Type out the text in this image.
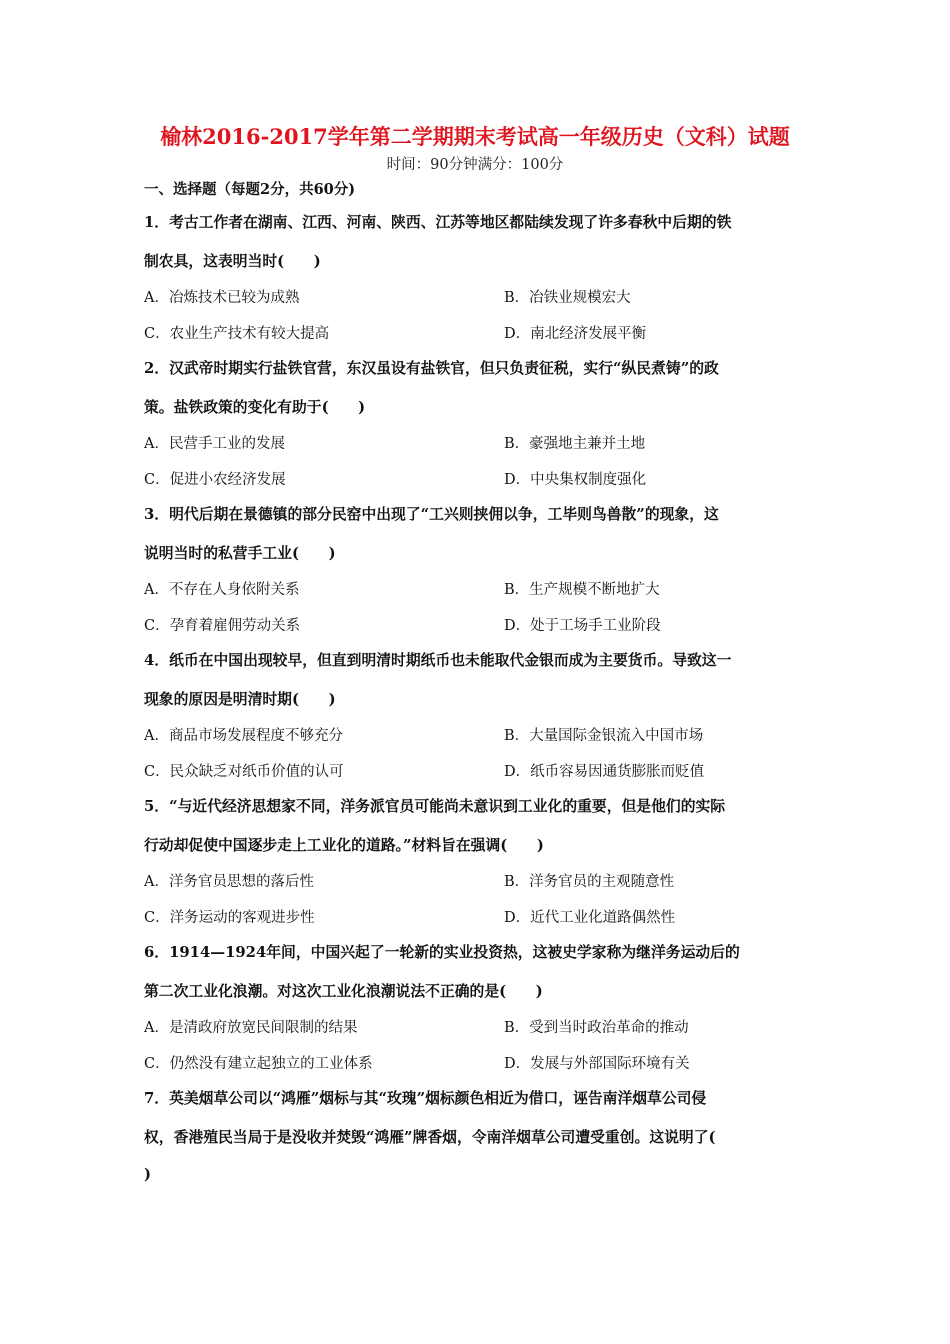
榆林2016-2017学年第二学期期末考试高一年级历史（文科）试题
时间：90分钟满分：100分
一、选择题（每题2分，共60分)
1．考古工作者在湖南、江西、河南、陕西、江苏等地区都陆续发现了许多春秋中后期的铁
制农具，这表明当时(　　)
A．冶炼技术已较为成熟	B．冶铁业规模宏大
C．农业生产技术有较大提高	D．南北经济发展平衡
2．汉武帝时期实行盐铁官营，东汉虽设有盐铁官，但只负责征税，实行“纵民煮铸”的政
策。盐铁政策的变化有助于(　　)
A．民营手工业的发展	B．豪强地主兼并土地
C．促进小农经济发展	D．中央集权制度强化
3．明代后期在景德镇的部分民窑中出现了“工兴则挟佣以争，工毕则鸟兽散”的现象，这
说明当时的私营手工业(　　)
A．不存在人身依附关系	B．生产规模不断地扩大
C．孕育着雇佣劳动关系	D．处于工场手工业阶段
4．纸币在中国出现较早，但直到明清时期纸币也未能取代金银而成为主要货币。导致这一
现象的原因是明清时期(　　)
A．商品市场发展程度不够充分	B．大量国际金银流入中国市场
C．民众缺乏对纸币价值的认可	D．纸币容易因通货膨胀而贬值
5．“与近代经济思想家不同，洋务派官员可能尚未意识到工业化的重要，但是他们的实际
行动却促使中国逐步走上工业化的道路。”材料旨在强调(　　)
A．洋务官员思想的落后性	B．洋务官员的主观随意性
C．洋务运动的客观进步性	D．近代工业化道路偶然性
6．1914—1924年间，中国兴起了一轮新的实业投资热，这被史学家称为继洋务运动后的
第二次工业化浪潮。对这次工业化浪潮说法不正确的是(　　)
A．是清政府放宽民间限制的结果	B．受到当时政治革命的推动
C．仍然没有建立起独立的工业体系	D．发展与外部国际环境有关
7．英美烟草公司以“鸿雁”烟标与其“玫瑰”烟标颜色相近为借口，诬告南洋烟草公司侵
权，香港殖民当局于是没收并焚毁“鸿雁”牌香烟，令南洋烟草公司遭受重创。这说明了(
)
